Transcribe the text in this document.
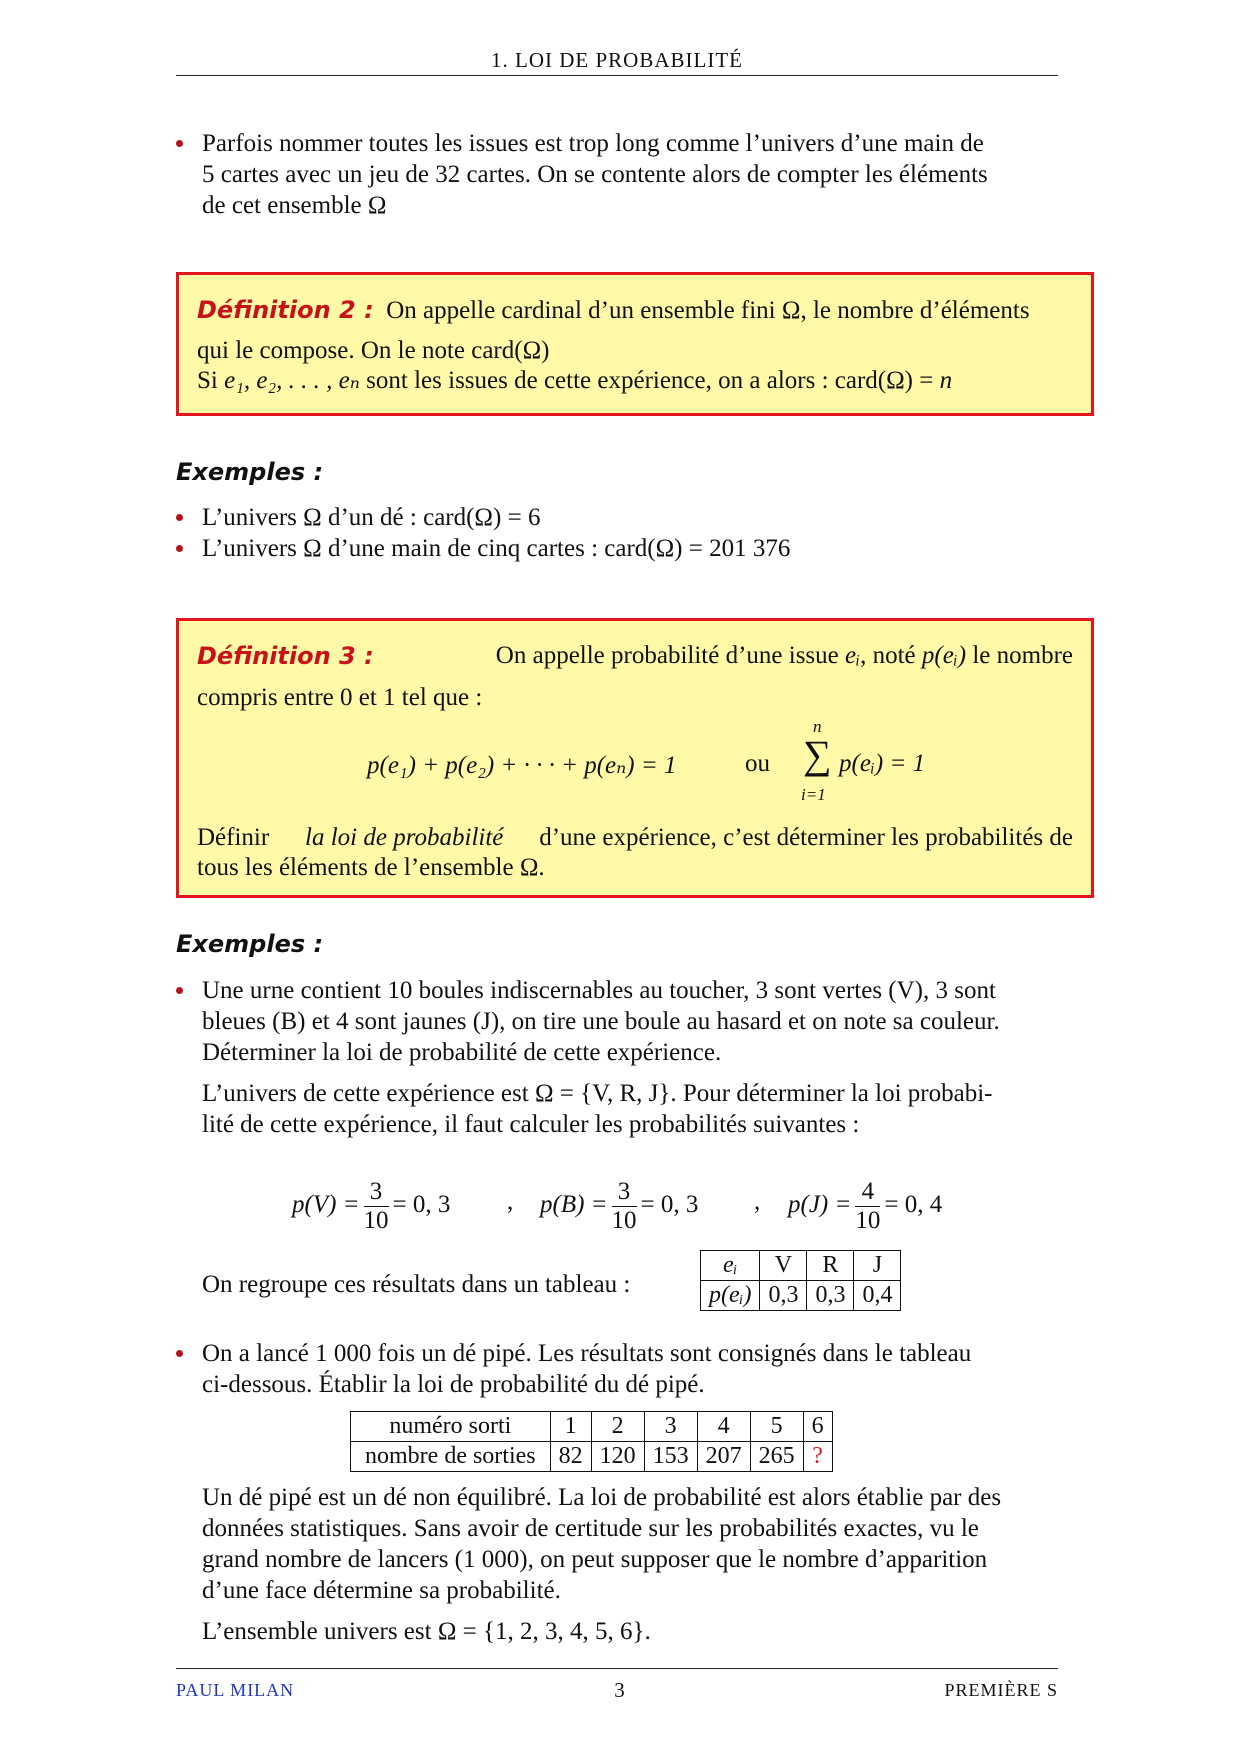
1. LOI DE PROBABILITÉ
Parfois nommer toutes les issues est trop long comme l’univers d’une main de
5 cartes avec un jeu de 32 cartes. On se contente alors de compter les éléments
de cet ensemble Ω
Définition 2 : On appelle cardinal d’un ensemble fini Ω, le nombre d’éléments
qui le compose. On le note card(Ω)
Si e₁, e₂, . . . , eₙ sont les issues de cette expérience, on a alors : card(Ω) = n
Exemples :
L’univers Ω d’un dé : card(Ω) = 6
L’univers Ω d’une main de cinq cartes : card(Ω) = 201 376
Définition 3 :	On appelle probabilité d’une issue eᵢ, noté p(eᵢ) le nombre
compris entre 0 et 1 tel que :
p(e₁) + p(e₂) + · · · + p(eₙ) = 1	ou
n
∑
i=1
p(eᵢ) = 1
Définir la loi de probabilité d’une expérience, c’est déterminer les probabilités de
tous les éléments de l’ensemble Ω.
Exemples :
Une urne contient 10 boules indiscernables au toucher, 3 sont vertes (V), 3 sont
bleues (B) et 4 sont jaunes (J), on tire une boule au hasard et on note sa couleur.
Déterminer la loi de probabilité de cette expérience.
L’univers de cette expérience est Ω = {V, R, J}. Pour déterminer la loi probabi-
lité de cette expérience, il faut calculer les probabilités suivantes :
$p(V) = \frac{3}{10} = 0$, 3 , $p(B) = \frac{3}{10} = 0$, 3 , $p(J) = \frac{4}{10} = 0$, 4
On regroupe ces résultats dans un tableau :
eᵢ	V	R	J
p(eᵢ)	0,3	0,3	0,4
On a lancé 1 000 fois un dé pipé. Les résultats sont consignés dans le tableau
ci-dessous. Établir la loi de probabilité du dé pipé.
numéro sorti	1	2	3	4	5	6
nombre de sorties	82	120	153	207	265	?
Un dé pipé est un dé non équilibré. La loi de probabilité est alors établie par des
données statistiques. Sans avoir de certitude sur les probabilités exactes, vu le
grand nombre de lancers (1 000), on peut supposer que le nombre d’apparition
d’une face détermine sa probabilité.
L’ensemble univers est Ω = {1, 2, 3, 4, 5, 6}.
PAUL MILAN	3	PREMIÈRE S
